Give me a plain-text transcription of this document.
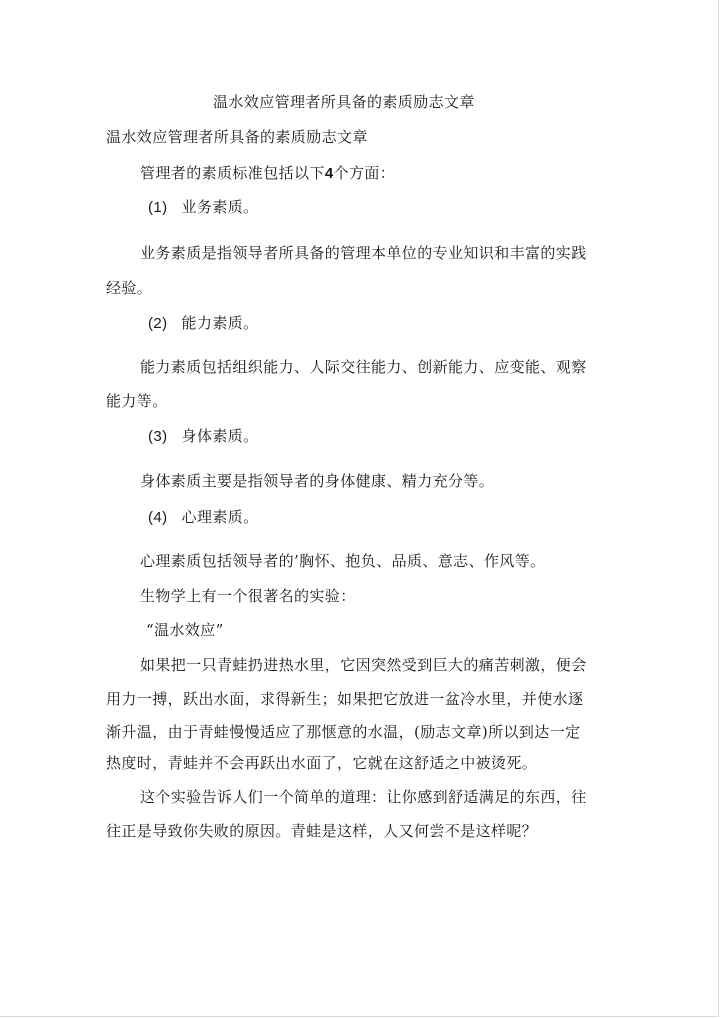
温水效应管理者所具备的素质励志文章
温水效应管理者所具备的素质励志文章
管理者的素质标准包括以下4个方面：
(1) 业务素质。
业务素质是指领导者所具备的管理本单位的专业知识和丰富的实践
经验。
(2) 能力素质。
能力素质包括组织能力、人际交往能力、创新能力、应变能、观察
能力等。
(3) 身体素质。
身体素质主要是指领导者的身体健康、精力充分等。
(4) 心理素质。
心理素质包括领导者的’胸怀、抱负、品质、意志、作风等。
生物学上有一个很著名的实验：
“温水效应”
如果把一只青蛙扔进热水里，它因突然受到巨大的痛苦刺激，便会
用力一搏，跃出水面，求得新生；如果把它放进一盆冷水里，并使水逐
渐升温，由于青蛙慢慢适应了那惬意的水温，(励志文章)所以到达一定
热度时，青蛙并不会再跃出水面了，它就在这舒适之中被烫死。
这个实验告诉人们一个简单的道理：让你感到舒适满足的东西，往
往正是导致你失败的原因。青蛙是这样，人又何尝不是这样呢？
